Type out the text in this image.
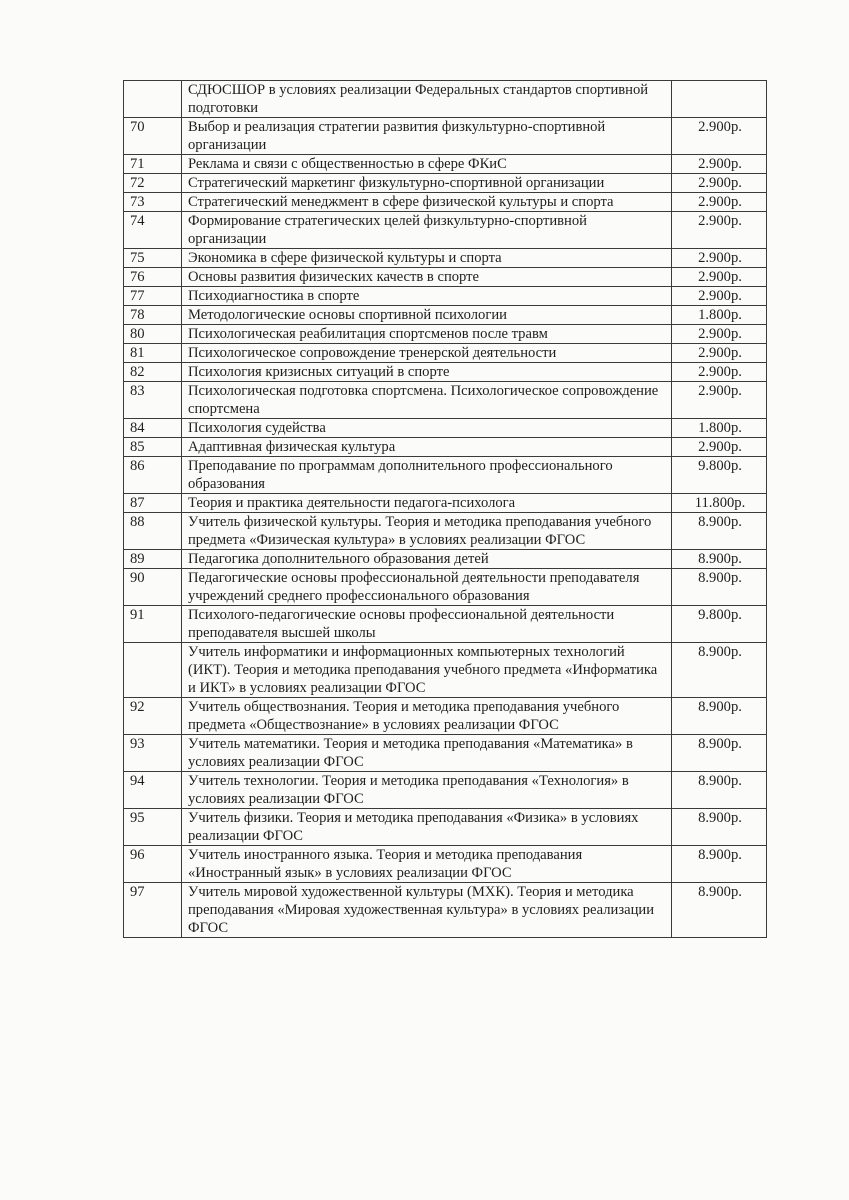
	СДЮСШОР в условиях реализации Федеральных стандартов спортивной подготовки	
70	Выбор и реализация стратегии развития физкультурно-спортивной организации	2.900р.
71	Реклама и связи с общественностью в сфере ФКиС	2.900р.
72	Стратегический маркетинг физкультурно-спортивной организации	2.900р.
73	Стратегический менеджмент в сфере физической культуры и спорта	2.900р.
74	Формирование стратегических целей физкультурно-спортивной организации	2.900р.
75	Экономика в сфере физической культуры и спорта	2.900р.
76	Основы развития физических качеств в спорте	2.900р.
77	Психодиагностика в спорте	2.900р.
78	Методологические основы спортивной психологии	1.800р.
80	Психологическая реабилитация спортсменов после травм	2.900р.
81	Психологическое сопровождение тренерской деятельности	2.900р.
82	Психология кризисных ситуаций в спорте	2.900р.
83	Психологическая подготовка спортсмена. Психологическое сопровождение спортсмена	2.900р.
84	Психология судейства	1.800р.
85	Адаптивная физическая культура	2.900р.
86	Преподавание по программам дополнительного профессионального образования	9.800р.
87	Теория и практика деятельности педагога-психолога	11.800р.
88	Учитель физической культуры. Теория и методика преподавания учебного предмета «Физическая культура» в условиях реализации ФГОС	8.900р.
89	Педагогика дополнительного образования детей	8.900р.
90	Педагогические основы профессиональной деятельности преподавателя учреждений среднего профессионального образования	8.900р.
91	Психолого-педагогические основы профессиональной деятельности преподавателя высшей школы	9.800р.
	Учитель информатики и информационных компьютерных технологий (ИКТ). Теория и методика преподавания учебного предмета «Информатика и ИКТ» в условиях реализации ФГОС	8.900р.
92	Учитель обществознания. Теория и методика преподавания учебного предмета «Обществознание» в условиях реализации ФГОС	8.900р.
93	Учитель математики. Теория и методика преподавания «Математика» в условиях реализации ФГОС	8.900р.
94	Учитель технологии. Теория и методика преподавания «Технология» в условиях реализации ФГОС	8.900р.
95	Учитель физики. Теория и методика преподавания «Физика» в условиях реализации ФГОС	8.900р.
96	Учитель иностранного языка. Теория и методика преподавания «Иностранный язык» в условиях реализации ФГОС	8.900р.
97	Учитель мировой художественной культуры (МХК). Теория и методика преподавания «Мировая художественная культура» в условиях реализации ФГОС	8.900р.
